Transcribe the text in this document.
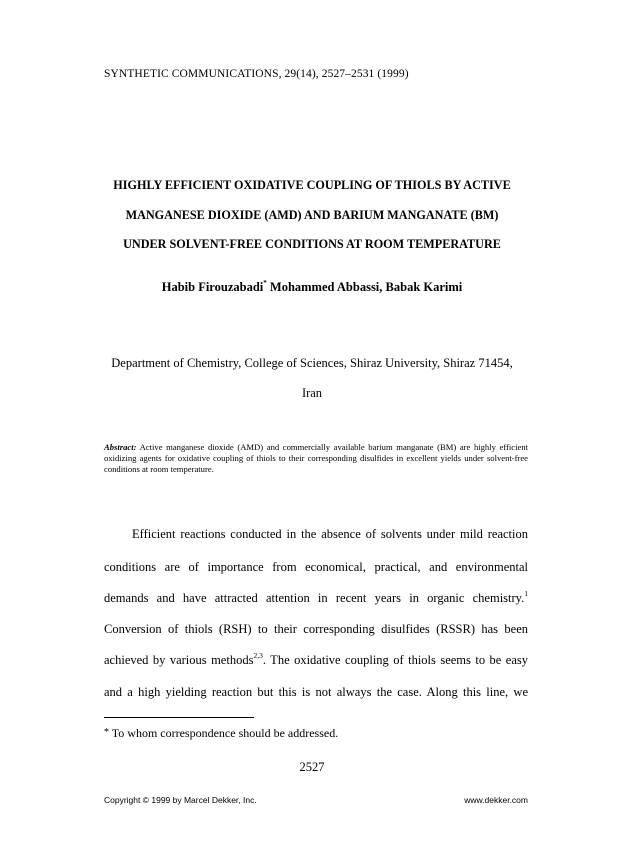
SYNTHETIC COMMUNICATIONS, 29(14), 2527–2531 (1999)
HIGHLY EFFICIENT OXIDATIVE COUPLING OF THIOLS BY ACTIVE
MANGANESE DIOXIDE (AMD) AND BARIUM MANGANATE (BM)
UNDER SOLVENT-FREE CONDITIONS AT ROOM TEMPERATURE
Habib Firouzabadi* Mohammed Abbassi, Babak Karimi
Department of Chemistry, College of Sciences, Shiraz University, Shiraz 71454,
Iran
Abstract: Active manganese dioxide (AMD) and commercially available barium manganate (BM) are highly efficient oxidizing agents for oxidative coupling of thiols to their corresponding disulfides in excellent yields under solvent-free conditions at room temperature.
Efficient reactions conducted in the absence of solvents under mild reaction
conditions are of importance from economical, practical, and environmental
demands and have attracted attention in recent years in organic chemistry.$^1$
Conversion of thiols (RSH) to their corresponding disulfides (RSSR) has been
achieved by various methods$^{2,3}$. The oxidative coupling of thiols seems to be easy
and a high yielding reaction but this is not always the case. Along this line, we
* To whom correspondence should be addressed.
2527
Copyright © 1999 by Marcel Dekker, Inc.	www.dekker.com
